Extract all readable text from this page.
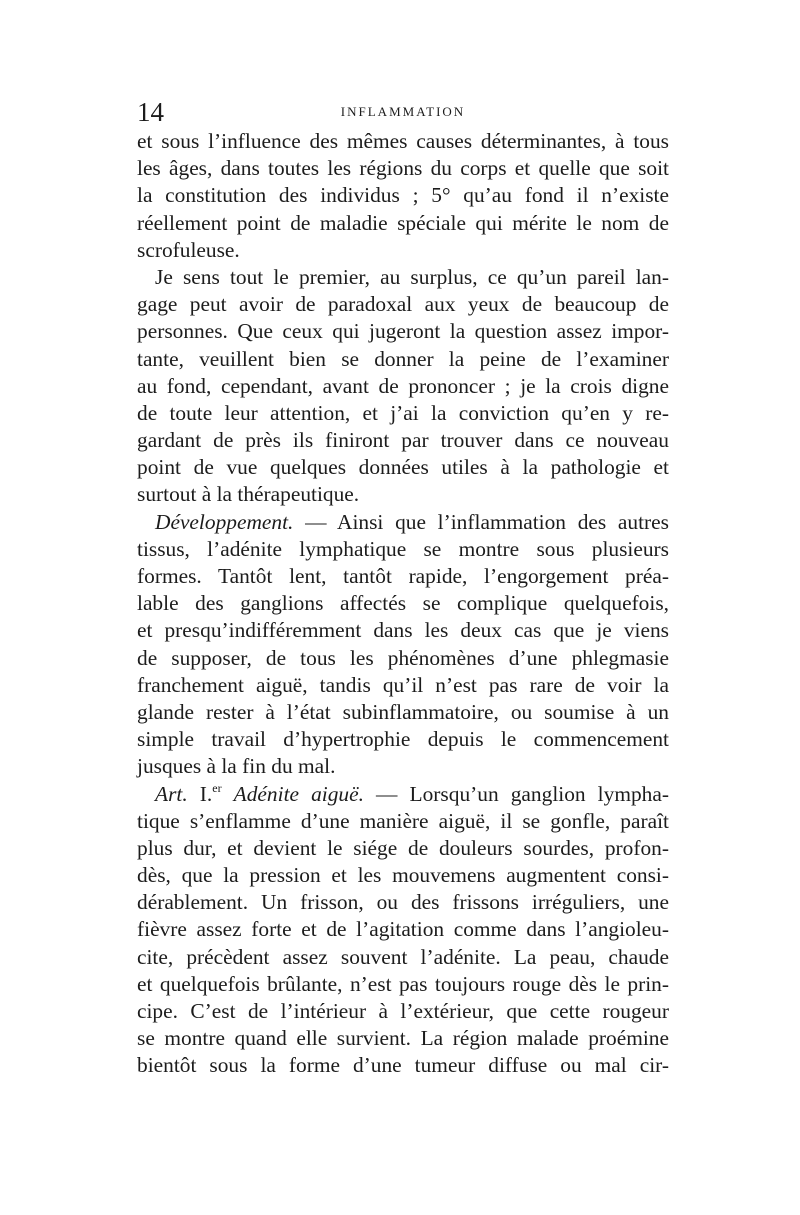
14	INFLAMMATION
et sous l’influence des mêmes causes déterminantes, à tous
les âges, dans toutes les régions du corps et quelle que soit
la constitution des individus ; 5° qu’au fond il n’existe
réellement point de maladie spéciale qui mérite le nom de
scrofuleuse.
Je sens tout le premier, au surplus, ce qu’un pareil lan-
gage peut avoir de paradoxal aux yeux de beaucoup de
personnes. Que ceux qui jugeront la question assez impor-
tante, veuillent bien se donner la peine de l’examiner
au fond, cependant, avant de prononcer ; je la crois digne
de toute leur attention, et j’ai la conviction qu’en y re-
gardant de près ils finiront par trouver dans ce nouveau
point de vue quelques données utiles à la pathologie et
surtout à la thérapeutique.
Développement. — Ainsi que l’inflammation des autres
tissus, l’adénite lymphatique se montre sous plusieurs
formes. Tantôt lent, tantôt rapide, l’engorgement préa-
lable des ganglions affectés se complique quelquefois,
et presqu’indifféremment dans les deux cas que je viens
de supposer, de tous les phénomènes d’une phlegmasie
franchement aiguë, tandis qu’il n’est pas rare de voir la
glande rester à l’état subinflammatoire, ou soumise à un
simple travail d’hypertrophie depuis le commencement
jusques à la fin du mal.
Art. I.$^{er}$ Adénite aiguë. — Lorsqu’un ganglion lympha-
tique s’enflamme d’une manière aiguë, il se gonfle, paraît
plus dur, et devient le siége de douleurs sourdes, profon-
dès, que la pression et les mouvemens augmentent consi-
dérablement. Un frisson, ou des frissons irréguliers, une
fièvre assez forte et de l’agitation comme dans l’angioleu-
cite, précèdent assez souvent l’adénite. La peau, chaude
et quelquefois brûlante, n’est pas toujours rouge dès le prin-
cipe. C’est de l’intérieur à l’extérieur, que cette rougeur
se montre quand elle survient. La région malade proémine
bientôt sous la forme d’une tumeur diffuse ou mal cir-
